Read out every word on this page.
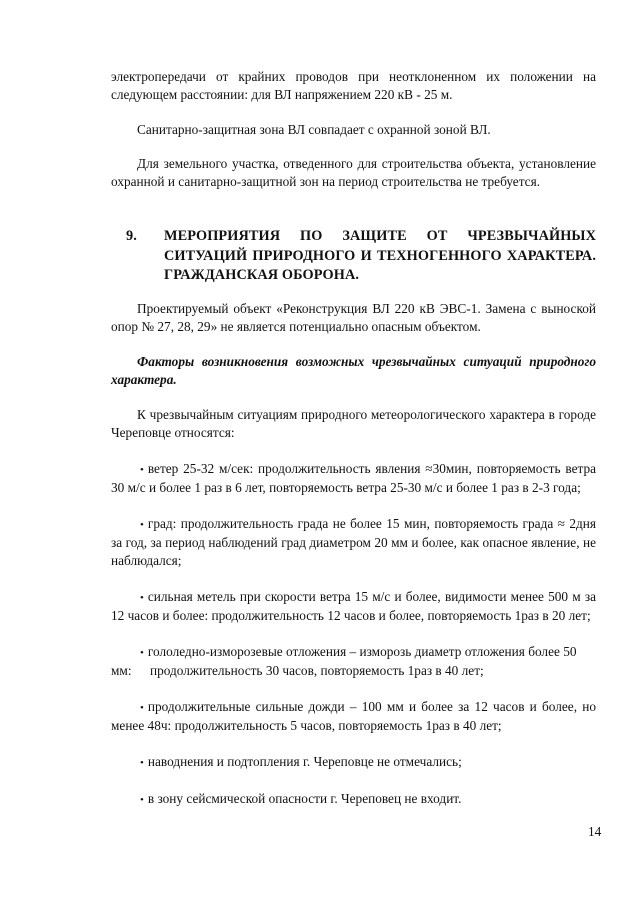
электропередачи от крайних проводов при неотклоненном их положении на следующем расстоянии: для ВЛ напряжением 220 кВ - 25 м.

Санитарно-защитная зона ВЛ совпадает с охранной зоной ВЛ.

Для земельного участка, отведенного для строительства объекта, установление охранной и санитарно-защитной зон на период строительства не требуется.

9.	МЕРОПРИЯТИЯ ПО ЗАЩИТЕ ОТ ЧРЕЗВЫЧАЙНЫХ СИТУАЦИЙ ПРИРОДНОГО И ТЕХНОГЕННОГО ХАРАКТЕРА. ГРАЖДАНСКАЯ ОБОРОНА.

Проектируемый объект «Реконструкция ВЛ 220 кВ ЭВС-1. Замена с выноской опор № 27, 28, 29» не является потенциально опасным объектом.

Факторы возникновения возможных чрезвычайных ситуаций природного характера.

К чрезвычайным ситуациям природного метеорологического характера в городе Череповце относятся:

• ветер 25-32 м/сек: продолжительность явления ≈30мин, повторяемость ветра 30 м/с и более 1 раз в 6 лет, повторяемость ветра 25-30 м/с и более 1 раз в 2-3 года;

• град: продолжительность града не более 15 мин, повторяемость града ≈ 2дня за год, за период наблюдений град диаметром 20 мм и более, как опасное явление, не наблюдался;

• сильная метель при скорости ветра 15 м/с и более, видимости менее 500 м за 12 часов и более: продолжительность 12 часов и более, повторяемость 1раз в 20 лет;

• гололедно-изморозевые отложения – изморозь диаметр отложения более 50

мм:	продолжительность 30 часов, повторяемость 1раз в 40 лет;

• продолжительные сильные дожди – 100 мм и более за 12 часов и более, но менее 48ч: продолжительность 5 часов, повторяемость 1раз в 40 лет;

• наводнения и подтопления г. Череповце не отмечались;

• в зону сейсмической опасности г. Череповец не входит.

14
